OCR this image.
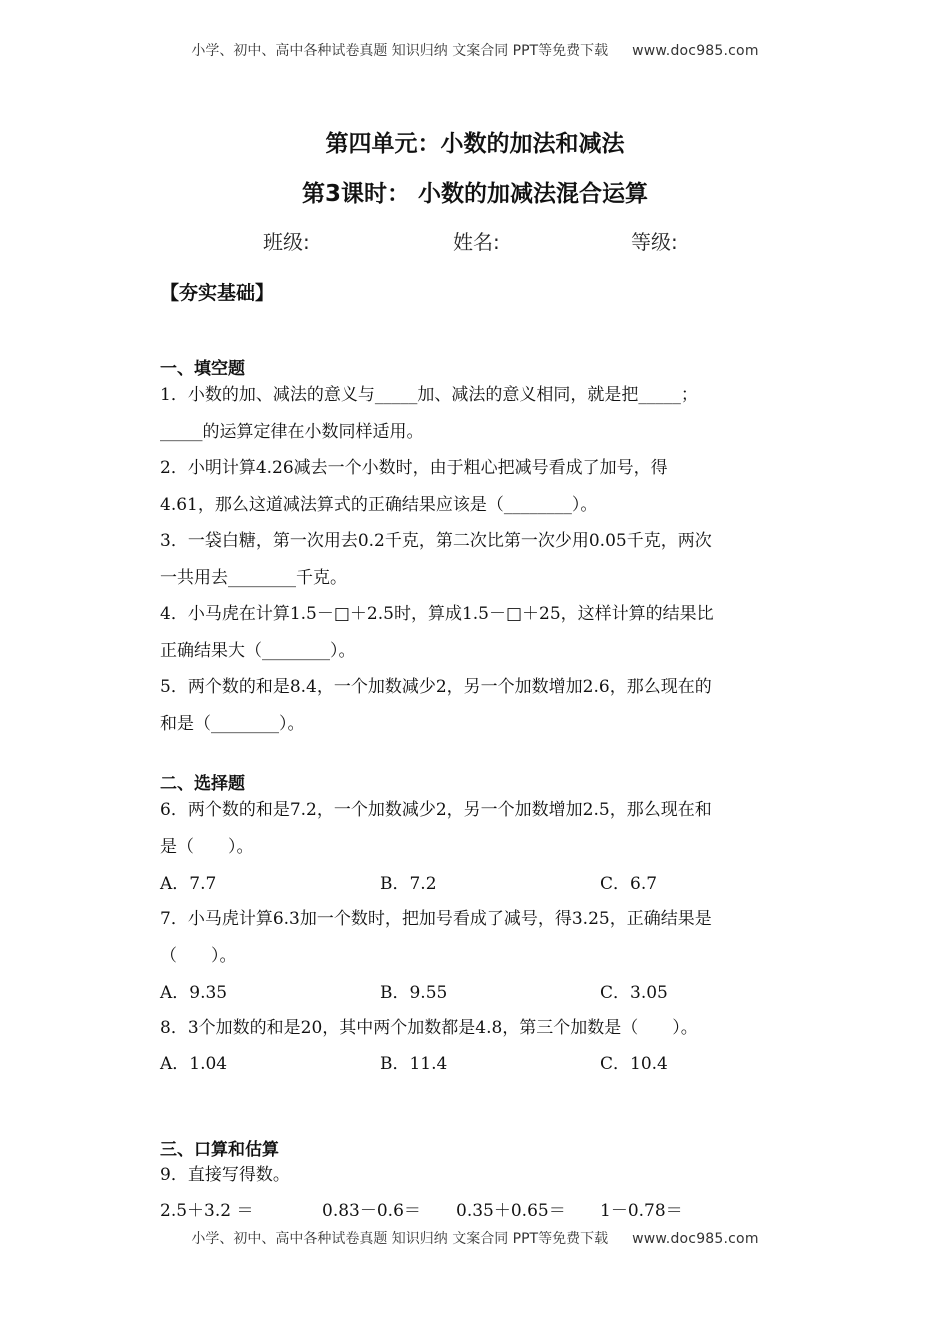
小学、初中、高中各种试卷真题 知识归纳 文案合同 PPT等免费下载 www.doc985.com
第四单元：小数的加法和减法
第3课时： 小数的加减法混合运算
班级:	姓名:	等级:
【夯实基础】
一、填空题
1．小数的加、减法的意义与_____加、减法的意义相同，就是把_____；
_____的运算定律在小数同样适用。
2．小明计算4.26减去一个小数时，由于粗心把减号看成了加号，得
4.61，那么这道减法算式的正确结果应该是（________）。
3．一袋白糖，第一次用去0.2千克，第二次比第一次少用0.05千克，两次
一共用去________千克。
4．小马虎在计算1.5－□＋2.5时，算成1.5－□＋25，这样计算的结果比
正确结果大（________）。
5．两个数的和是8.4，一个加数减少2，另一个加数增加2.6，那么现在的
和是（________）。
二、选择题
6．两个数的和是7.2，一个加数减少2，另一个加数增加2.5，那么现在和
是（　　）。
A．7.7	B．7.2	C．6.7
7．小马虎计算6.3加一个数时，把加号看成了减号，得3.25，正确结果是
（　　）。
A．9.35	B．9.55	C．3.05
8．3个加数的和是20，其中两个加数都是4.8，第三个加数是（　　）。
A．1.04	B．11.4	C．10.4
三、口算和估算
9．直接写得数。
2.5＋3.2 ＝	0.83－0.6＝ 0.35＋0.65＝ 1－0.78＝
小学、初中、高中各种试卷真题 知识归纳 文案合同 PPT等免费下载 www.doc985.com
